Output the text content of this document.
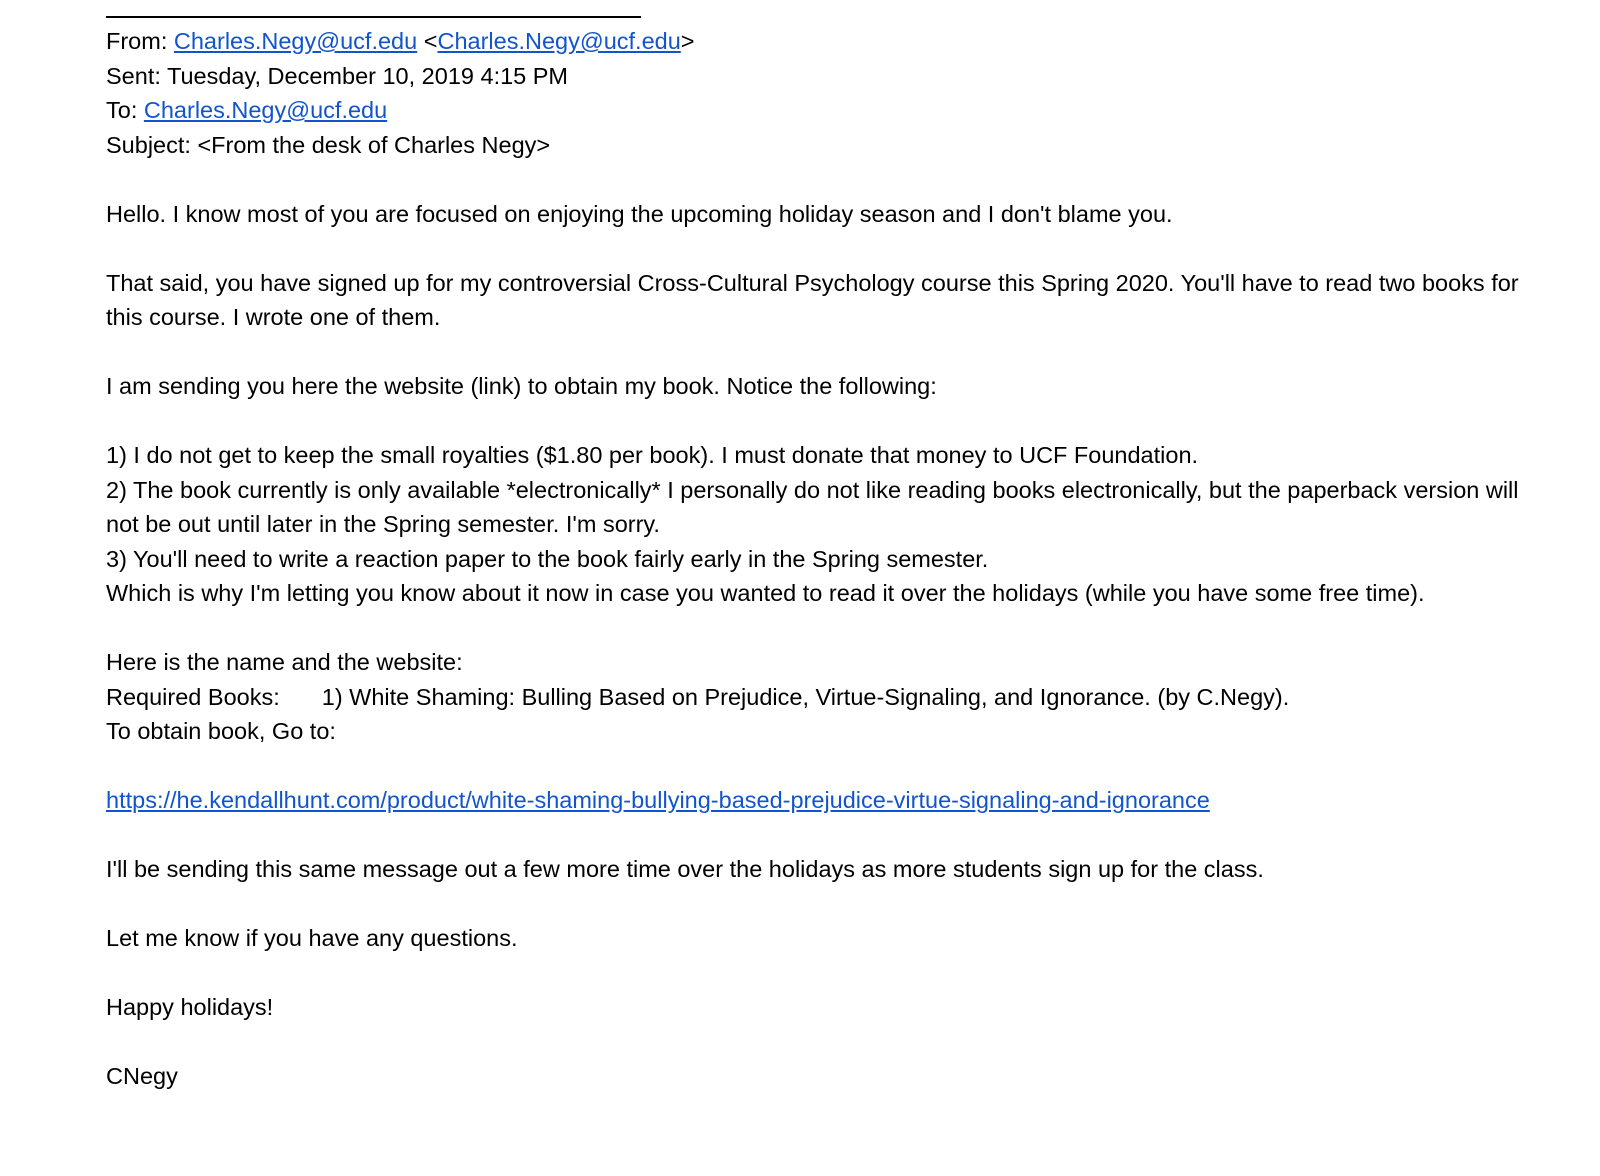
From: Charles.Negy@ucf.edu <Charles.Negy@ucf.edu>
Sent: Tuesday, December 10, 2019 4:15 PM
To: Charles.Negy@ucf.edu
Subject: <From the desk of Charles Negy>

Hello. I know most of you are focused on enjoying the upcoming holiday season and I don't blame you.

That said, you have signed up for my controversial Cross-Cultural Psychology course this Spring 2020. You'll have to read two books for this course. I wrote one of them.

I am sending you here the website (link) to obtain my book. Notice the following:

1) I do not get to keep the small royalties ($1.80 per book). I must donate that money to UCF Foundation.

2) The book currently is only available *electronically* I personally do not like reading books electronically, but the paperback version will not be out until later in the Spring semester. I'm sorry.

3) You'll need to write a reaction paper to the book fairly early in the Spring semester.

Which is why I'm letting you know about it now in case you wanted to read it over the holidays (while you have some free time).

Here is the name and the website:

Required Books: 1) White Shaming: Bulling Based on Prejudice, Virtue-Signaling, and Ignorance. (by C.Negy).

To obtain book, Go to:

https://he.kendallhunt.com/product/white-shaming-bullying-based-prejudice-virtue-signaling-and-ignorance

I'll be sending this same message out a few more time over the holidays as more students sign up for the class.

Let me know if you have any questions.

Happy holidays!

CNegy
